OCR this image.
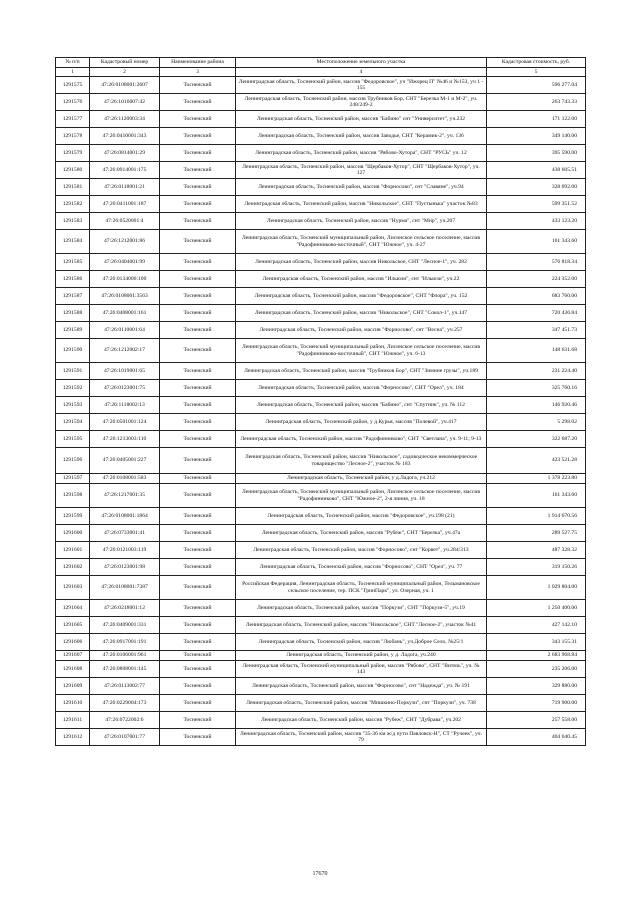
№ п/п	Кадастровый номер	Наименование района	Местоположение земельного участка	Кадастровая стоимость, руб.
1	2	3	4	5
1291575	47:26:0108001:2607	Тосненский	Ленинградская область, Тосненский район, массив "Федоровское", уч "Ижорец П" №46 и №153, уч 1 - 155	596 277.04
1291576	47:26:1016007:42	Тосненский	Ленинградская область, Тосненский район, массив Трубников Бор, СНТ "Березка М-1 и М-2", уч. 248/249-2	263 743.33
1291577	47:26:1120003:34	Тосненский	Ленинградская область, Тосненский район, массив "Бабино" снт "Университет", уч.232	171 122.00
1291578	47:26:0410001:343	Тосненский	Ленинградская область, Тосненский район, массив Заводье, СНТ "Керамик-2", уч. 136	349 140.00
1291579	47:26:0814001:29	Тосненский	Ленинградская область, Тосненский район, массив "Рябово-Хутора", СНТ "РУСЬ" уч. 12	395 590.00
1291580	47:26:0914001:175	Тосненский	Ленинградская область, Тосненский район, массив "Щербаков-Хутор", СНТ "Щербаков-Хутор", уч. 127	438 605.51
1291581	47:26:0118001:21	Тосненский	Ленинградская область, Тосненский район, массив "Форносово", снт "Славяне", уч.94	328 092.00
1291582	47:26:0411001:187	Тосненский	Ленинградская область, Тосненский район, массив "Никольское", СНТ "Пустынька" участок №83	599 351.52
1291583	47:26:0520001:4	Тосненский	Ленинградская область, Тосненский район, массив "Нурма", снт "Мир", уч.207	433 123.20
1291584	47:26:1212001:86	Тосненский	Ленинградская область, Тосненский муниципальный район, Лисинское сельское поселение, массив "Радофинниково-восточный", СНТ "Южное", уч. 4-27	161 343.60
1291585	47:26:0404001:99	Тосненский	Ленинградская область, Тосненский район, массив Никольское, СНТ "Лесное-1", уч. 282	576 818.34
1291586	47:26:0134006:100	Тосненский	Ленинградская область, Тосненский район, массив "Ильюзи", снт "Ильюзи", уч.22	224 352.00
1291587	47:26:0108001:3563	Тосненский	Ленинградская область, Тосненский район, массив "Федоровское", СНТ "Флора", уч. 152	683 760.00
1291588	47:26:0408001:161	Тосненский	Ленинградская область, Тосненский район, массив "Никольское", СНТ "Сокол-1", уч.147	720 436.84
1291589	47:26:0110001:64	Тосненский	Ленинградская область, Тосненский район, массив "Форносово", снт "Весна", уч.257	347 451.73
1291590	47:26:1212002:17	Тосненский	Ленинградская область, Тосненский муниципальный район, Лисинское сельское поселение, массив "Радофинниково-восточный", СНТ "Южное", уч. 6-13	148 631.68
1291591	47:26:1019001:65	Тосненский	Ленинградская область, Тосненский район, массив "Трубников Бор", СНТ "Зимние грузы", уч.189	231 224.40
1291592	47:26:0123001:75	Тосненский	Ленинградская область, Тосненский район, массив "Форносово", СНТ "Орел", уч. 184	325 760.16
1291593	47:26:1118002:13	Тосненский	Ленинградская область, Тосненский район, массив "Бабино", снт "Спутник", уч. № 112	146 920.46
1291594	47:26:0501001:124	Тосненский	Ленинградская область, Тосненский район, у д.Курья, массив "Полевой", уч.417	5 298.02
1291595	47:26:1213003:110	Тосненский	Ленинградская область, Тосненский район, массив "Радофинниково", СНТ "Светлана", уч. 9-11; 9-13	322 687.20
1291596	47:26:0405001:227	Тосненский	Ленинградская область, Тосненский район, массив "Никольское", садоводческое некоммерческое товарищество "Лесное-2", участок № 183	423 521.28
1291597	47:26:0108001:583	Тосненский	Ленинградская область, Тосненский район, у д.Ладога, уч.212	1 378 223.80
1291598	47:26:1217001:35	Тосненский	Ленинградская область, Тосненский муниципальный район, Лисинское сельское поселение, массив "Радофинниково", СНТ "Южное-2", 2-я линия, уч. 18	161 343.60
1291599	47:26:0108001:1864	Тосненский	Ленинградская область, Тосненский район, массив "Федоровское", уч.198 (21)	1 914 670.56
1291600	47:26:0733001:41	Тосненский	Ленинградская область, Тосненский район, массив "Рубеж", СНТ "Березка", уч.47а	289 527.75
1291601	47:26:0121003:119	Тосненский	Ленинградская область, Тосненский район, массив "Форносово", снт "Корвет", уч.284/313	487 328.32
1291602	47:26:0123001:98	Тосненский	Ленинградская область, Тосненский район, массив "Форносово", СНТ "Орел", уч. 77	319 150.26
1291603	47:26:0108001:7387	Тосненский	Российская Федерация, Ленинградская область, Тосненский муниципальный район, Тельмановское сельское поселение, тер. ПСК "ГринПарк", ул. Озерная, уч. 1	1 029 804.00
1291604	47:26:0218001:12	Тосненский	Ленинградская область, Тосненский район, массив "Поркузи", СНТ "Поркузи-5", уч.19	1 250 400.00
1291605	47:26:0409001:331	Тосненский	Ленинградская область, Тосненский район, массив "Никольское", СНТ "Лесное-2", участок №41	427 142.10
1291606	47:26:0917001:191	Тосненский	Ленинградская область, Тосненский район, массив "Любань", уч.Доброе Село, №25/1	343 155.31
1291607	47:26:0106001:961	Тосненский	Ленинградская область, Тосненский район, у д. Ладога, уч.240	2 683 968.84
1291608	47:26:0808001:145	Тосненский	Ленинградская область, Тосненский муниципальный район, массив "Рябово", СНТ "Витязь", уч. № 143	235 206.00
1291609	47:26:0113002:77	Тосненский	Ленинградская область, Тосненский район, массив "Форносово", снт "Надежда", уч. № 191	329 880.00
1291610	47:26:0229004:173	Тосненский	Ленинградская область, Тосненский район, массив "Мишкино-Поркузи", снт "Поркузи", уч. 738	719 900.00
1291611	47:26:0722002:6	Тосненский	Ленинградская область, Тосненский район, массив "Рубеж", СНТ "Дубрава", уч.202	257 558.00
1291612	47:26:0107001:77	Тосненский	Ленинградская область, Тосненский район, массив "35-36 км ж/д пути Павловск-Н", СТ "Ручеек", уч. 79	404 640.45
17670
